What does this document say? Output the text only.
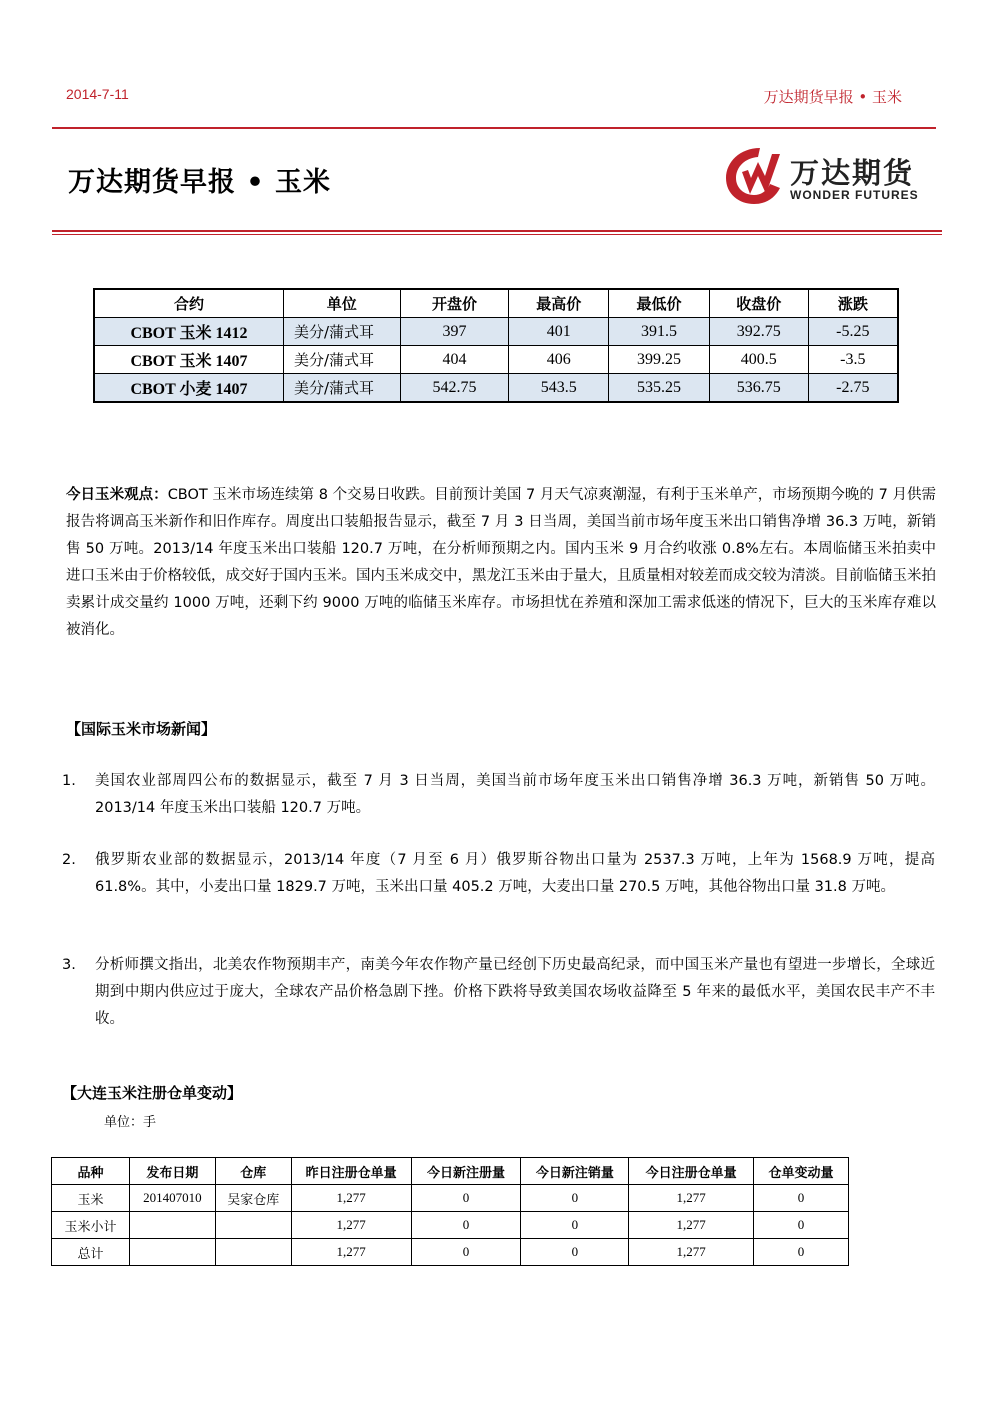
2014-7-11	万达期货早报 • 玉米
万达期货早报 • 玉米	万达期货
WONDER FUTURES
合约	单位	开盘价	最高价	最低价	收盘价	涨跌
CBOT 玉米 1412	美分/蒲式耳	397	401	391.5	392.75	-5.25
CBOT 玉米 1407	美分/蒲式耳	404	406	399.25	400.5	-3.5
CBOT 小麦 1407	美分/蒲式耳	542.75	543.5	535.25	536.75	-2.75
今日玉米观点：CBOT 玉米市场连续第 8 个交易日收跌。目前预计美国 7 月天气凉爽潮湿，有利于玉米单产，市场预期今晚的 7 月供需报告将调高玉米新作和旧作库存。周度出口装船报告显示，截至 7 月 3 日当周，美国当前市场年度玉米出口销售净增 36.3 万吨，新销售 50 万吨。2013/14 年度玉米出口装船 120.7 万吨，在分析师预期之内。国内玉米 9 月合约收涨 0.8%左右。本周临储玉米拍卖中进口玉米由于价格较低，成交好于国内玉米。国内玉米成交中，黑龙江玉米由于量大，且质量相对较差而成交较为清淡。目前临储玉米拍卖累计成交量约 1000 万吨，还剩下约 9000 万吨的临储玉米库存。市场担忧在养殖和深加工需求低迷的情况下，巨大的玉米库存难以被消化。
【国际玉米市场新闻】
1. 美国农业部周四公布的数据显示，截至 7 月 3 日当周，美国当前市场年度玉米出口销售净增 36.3 万吨，新销售 50 万吨。2013/14 年度玉米出口装船 120.7 万吨。
2. 俄罗斯农业部的数据显示，2013/14 年度（7 月至 6 月）俄罗斯谷物出口量为 2537.3 万吨，上年为 1568.9 万吨，提高 61.8%。其中，小麦出口量 1829.7 万吨，玉米出口量 405.2 万吨，大麦出口量 270.5 万吨，其他谷物出口量 31.8 万吨。
3. 分析师撰文指出，北美农作物预期丰产，南美今年农作物产量已经创下历史最高纪录，而中国玉米产量也有望进一步增长，全球近期到中期内供应过于庞大，全球农产品价格急剧下挫。价格下跌将导致美国农场收益降至 5 年来的最低水平，美国农民丰产不丰收。
【大连玉米注册仓单变动】
单位：手
品种	发布日期	仓库	昨日注册仓单量	今日新注册量	今日新注销量	今日注册仓单量	仓单变动量
玉米	201407010	吴家仓库	1,277	0	0	1,277	0
玉米小计			1,277	0	0	1,277	0
总计			1,277	0	0	1,277	0
